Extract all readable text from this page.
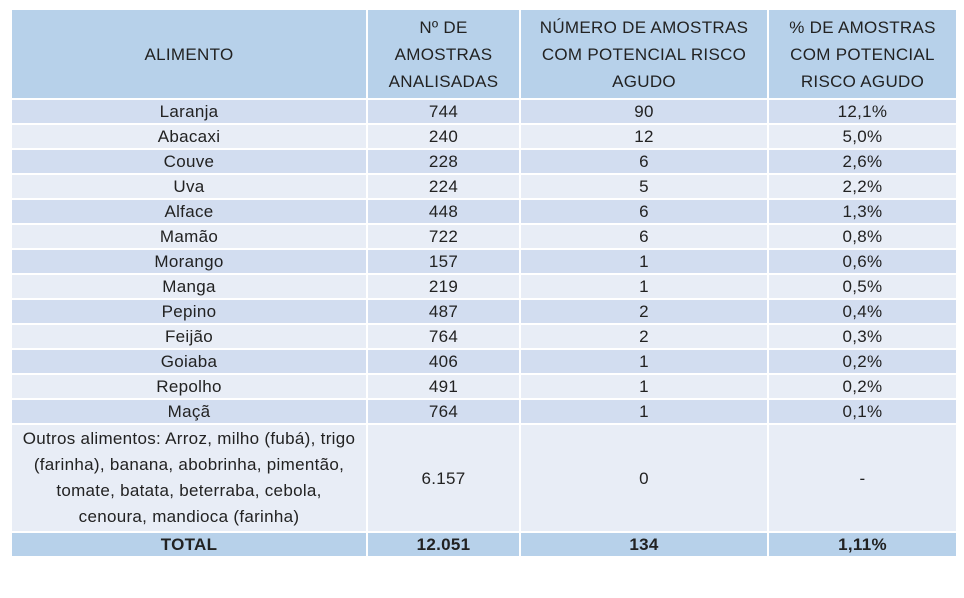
ALIMENTO	Nº DE AMOSTRAS ANALISADAS	NÚMERO DE AMOSTRAS COM POTENCIAL RISCO AGUDO	% DE AMOSTRAS COM POTENCIAL RISCO AGUDO
Laranja	744	90	12,1%
Abacaxi	240	12	5,0%
Couve	228	6	2,6%
Uva	224	5	2,2%
Alface	448	6	1,3%
Mamão	722	6	0,8%
Morango	157	1	0,6%
Manga	219	1	0,5%
Pepino	487	2	0,4%
Feijão	764	2	0,3%
Goiaba	406	1	0,2%
Repolho	491	1	0,2%
Maçã	764	1	0,1%
Outros alimentos: Arroz, milho (fubá), trigo (farinha), banana, abobrinha, pimentão, tomate, batata, beterraba, cebola, cenoura, mandioca (farinha)	6.157	0	-
TOTAL	12.051	134	1,11%
